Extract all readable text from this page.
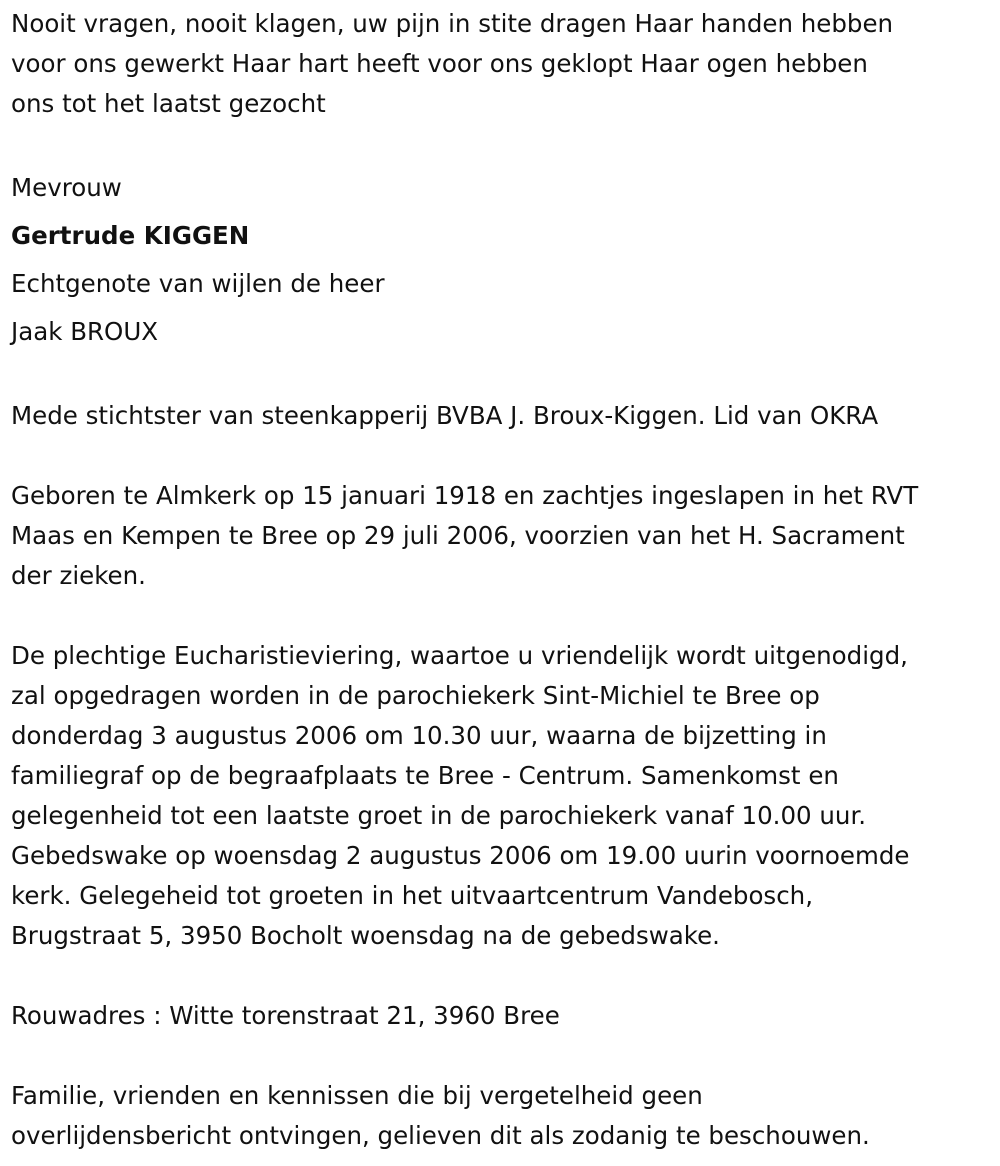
Nooit vragen, nooit klagen, uw pijn in stite dragen Haar handen hebben
voor ons gewerkt Haar hart heeft voor ons geklopt Haar ogen hebben
ons tot het laatst gezocht

Mevrouw

Gertrude KIGGEN

Echtgenote van wijlen de heer

Jaak BROUX

Mede stichtster van steenkapperij BVBA J. Broux-Kiggen. Lid van OKRA

Geboren te Almkerk op 15 januari 1918 en zachtjes ingeslapen in het RVT
Maas en Kempen te Bree op 29 juli 2006, voorzien van het H. Sacrament
der zieken.

De plechtige Eucharistieviering, waartoe u vriendelijk wordt uitgenodigd,
zal opgedragen worden in de parochiekerk Sint-Michiel te Bree op
donderdag 3 augustus 2006 om 10.30 uur, waarna de bijzetting in
familiegraf op de begraafplaats te Bree - Centrum. Samenkomst en
gelegenheid tot een laatste groet in de parochiekerk vanaf 10.00 uur.
Gebedswake op woensdag 2 augustus 2006 om 19.00 uurin voornoemde
kerk. Gelegeheid tot groeten in het uitvaartcentrum Vandebosch,
Brugstraat 5, 3950 Bocholt woensdag na de gebedswake.

Rouwadres : Witte torenstraat 21, 3960 Bree

Familie, vrienden en kennissen die bij vergetelheid geen
overlijdensbericht ontvingen, gelieven dit als zodanig te beschouwen.
